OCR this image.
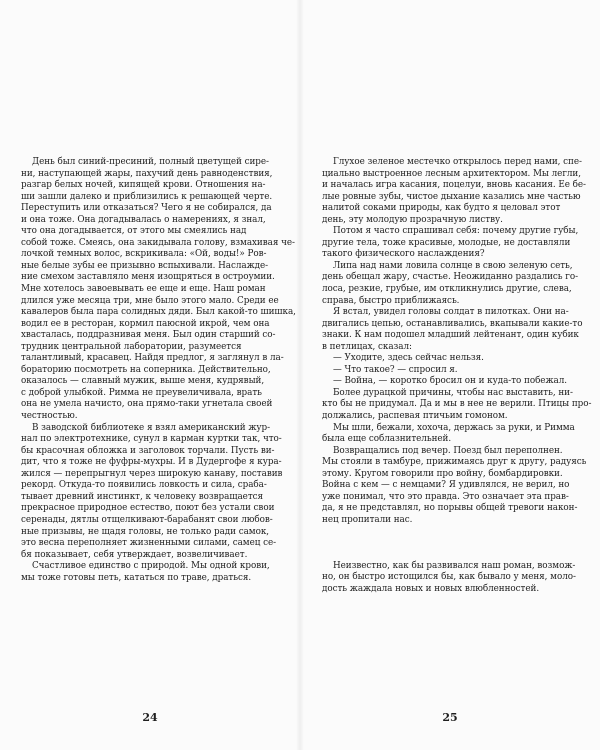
День был синий-пресиний, полный цветущей сире-
ни, наступающей жары, пахучий день равноденствия,
разгар белых ночей, кипящей крови. Отношения на-
ши зашли далеко и приблизились к решающей черте.
Переступить или отказаться? Чего я не собирался, да
и она тоже. Она догадывалась о намерениях, я знал,
что она догадывается, от этого мы смеялись над
собой тоже. Смеясь, она закидывала голову, взмахивая че-
лочкой темных волос, вскрикивала: «Ой, воды!» Ров-
ные белые зубы ее призывно вспыхивали. Наслажде-
ние смехом заставляло меня изощряться в остроумии.
Мне хотелось завоевывать ее еще и еще. Наш роман
длился уже месяца три, мне было этого мало. Среди ее
кавалеров была пара солидных дяди. Был какой-то шишка,
водил ее в ресторан, кормил паюсной икрой, чем она
хвасталась, поддразнивая меня. Был один старший со-
трудник центральной лаборатории, разумеется
талантливый, красавец. Найдя предлог, я заглянул в ла-
бораторию посмотреть на соперника. Действительно,
оказалось — славный мужик, выше меня, кудрявый,
с доброй улыбкой. Римма не преувеличивала, врать
она не умела начисто, она прямо-таки угнетала своей
честностью.
В заводской библиотеке я взял американский жур-
нал по электротехнике, сунул в карман куртки так, что-
бы красочная обложка и заголовок торчали. Пусть ви-
дит, что я тоже не фуфры-мухры. И в Дудергофе я кура-
жился — перепрыгнул через широкую канаву, поставив
рекорд. Откуда-то появились ловкость и сила, сраба-
тывает древний инстинкт, к человеку возвращается
прекрасное природное естество, поют без устали свои
серенады, дятлы отщелкивают-барабанят свои любов-
ные призывы, не щадя головы, не только ради самок,
это весна переполняет жизненными силами, самец се-
бя показывает, себя утверждает, возвеличивает.
Счастливое единство с природой. Мы одной крови,
мы тоже готовы петь, кататься по траве, драться.
24
Глухое зеленое местечко открылось перед нами, спе-
циально выстроенное лесным архитектором. Мы легли,
и началась игра касания, поцелуи, вновь касания. Ее бе-
лые ровные зубы, чистое дыхание казались мне частью
налитой соками природы, как будто я целовал этот
день, эту молодую прозрачную листву.
Потом я часто спрашивал себя: почему другие губы,
другие тела, тоже красивые, молодые, не доставляли
такого физического наслаждения?
Липа над нами ловила солнце в свою зеленую сеть,
день обещал жару, счастье. Неожиданно раздались го-
лоса, резкие, грубые, им откликнулись другие, слева,
справа, быстро приближаясь.
Я встал, увидел головы солдат в пилотках. Они на-
двигались цепью, останавливались, вкапывали какие-то
знаки. К нам подошел младший лейтенант, один кубик
в петлицах, сказал:
— Уходите, здесь сейчас нельзя.
— Что такое? — спросил я.
— Война, — коротко бросил он и куда-то побежал.
Более дурацкой причины, чтобы нас выставить, ни-
кто бы не придумал. Да и мы в нее не верили. Птицы про-
должались, распевая птичьим гомоном.
Мы шли, бежали, хохоча, держась за руки, и Римма
была еще соблазнительней.
Возвращались под вечер. Поезд был переполнен.
Мы стояли в тамбуре, прижимаясь друг к другу, радуясь
этому. Кругом говорили про войну, бомбардировки.
Война с кем — с немцами? Я удивлялся, не верил, но
уже понимал, что это правда. Это означает эта прав-
да, я не представлял, но порывы общей тревоги након-
нец пропитали нас.
Неизвестно, как бы развивался наш роман, возмож-
но, он быстро истощился бы, как бывало у меня, моло-
дость жаждала новых и новых влюбленностей.
25
